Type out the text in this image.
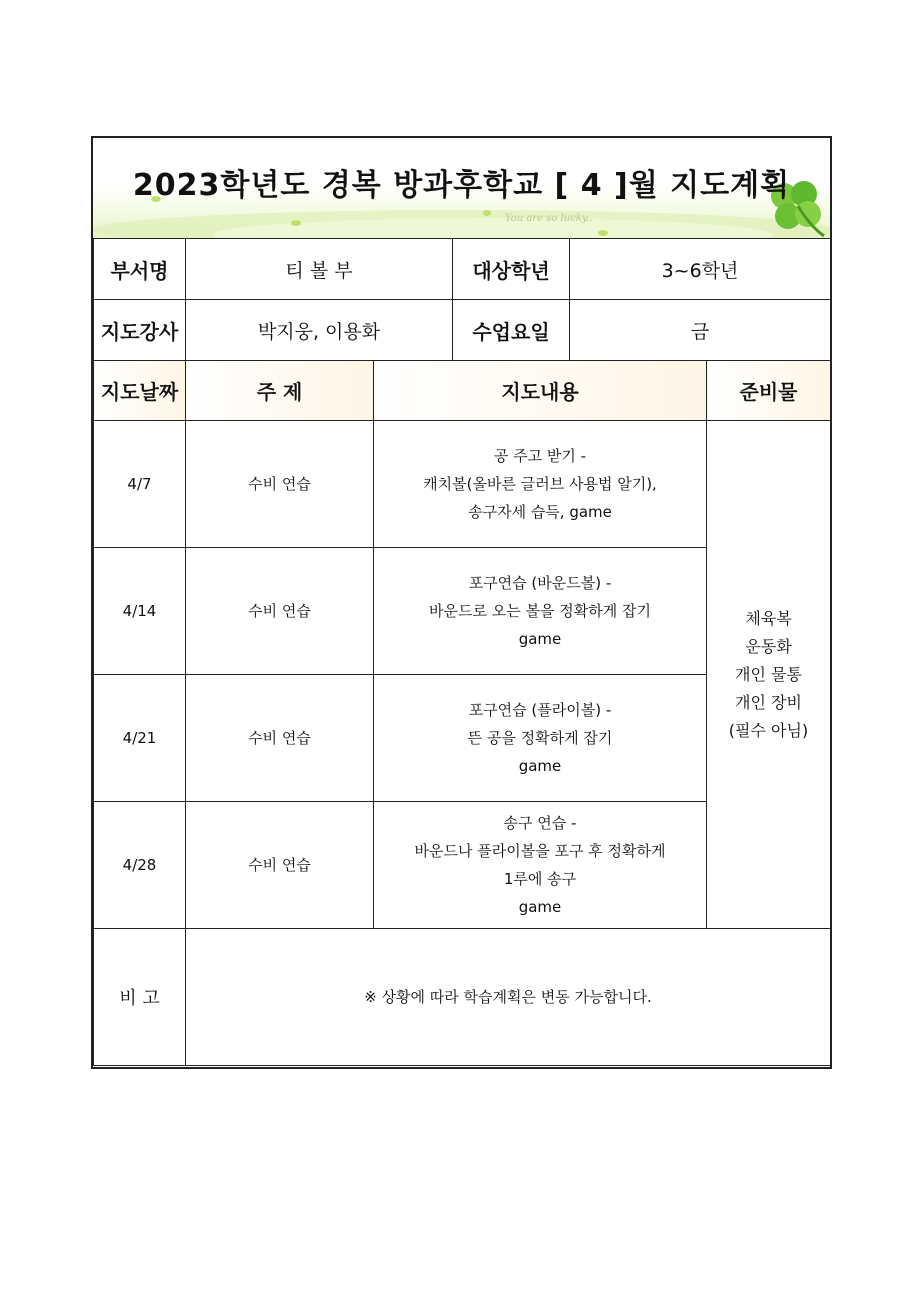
You are so lucky..
2023학년도 경복 방과후학교 [ 4 ]월 지도계획
부서명	티 볼 부		대상학년	3~6학년	
지도강사	박지웅, 이용화		수업요일	금	
지도날짜	주 제	지도내용			준비물
4/7	수비 연습	공 주고 받기 -
캐치볼(올바른 글러브 사용법 알기),
송구자세 습득, game			체육복
운동화
개인 물통
개인 장비
(필수 아님)

4/14	수비 연습	포구연습 (바운드볼) -
바운드로 오는 볼을 정확하게 잡기
game			

4/21	수비 연습	포구연습 (플라이볼) -
뜬 공을 정확하게 잡기
game			

4/28	수비 연습	송구 연습 -
바운드나 플라이볼을 포구 후 정확하게
1루에 송구
game			

비 고	※ 상황에 따라 학습계획은 변동 가능합니다.				
